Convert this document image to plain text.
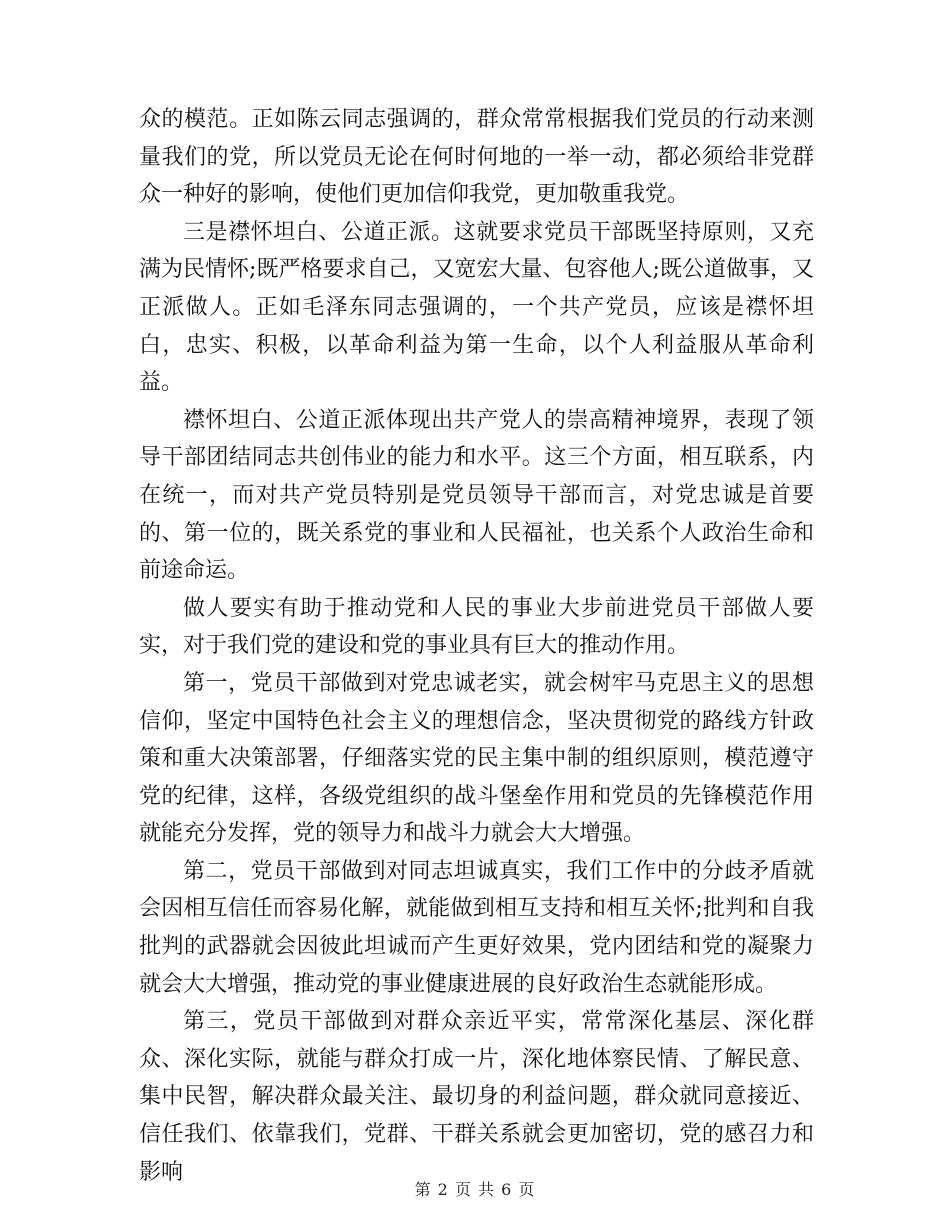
众的模范。正如陈云同志强调的，群众常常根据我们党员的行动来测量我们的党，所以党员无论在何时何地的一举一动，都必须给非党群众一种好的影响，使他们更加信仰我党，更加敬重我党。

三是襟怀坦白、公道正派。这就要求党员干部既坚持原则，又充满为民情怀;既严格要求自己，又宽宏大量、包容他人;既公道做事，又正派做人。正如毛泽东同志强调的，一个共产党员，应该是襟怀坦白，忠实、积极，以革命利益为第一生命，以个人利益服从革命利益。

襟怀坦白、公道正派体现出共产党人的崇高精神境界，表现了领导干部团结同志共创伟业的能力和水平。这三个方面，相互联系，内在统一，而对共产党员特别是党员领导干部而言，对党忠诚是首要的、第一位的，既关系党的事业和人民福祉，也关系个人政治生命和前途命运。

做人要实有助于推动党和人民的事业大步前进党员干部做人要实，对于我们党的建设和党的事业具有巨大的推动作用。

第一，党员干部做到对党忠诚老实，就会树牢马克思主义的思想信仰，坚定中国特色社会主义的理想信念，坚决贯彻党的路线方针政策和重大决策部署，仔细落实党的民主集中制的组织原则，模范遵守党的纪律，这样，各级党组织的战斗堡垒作用和党员的先锋模范作用就能充分发挥，党的领导力和战斗力就会大大增强。

第二，党员干部做到对同志坦诚真实，我们工作中的分歧矛盾就会因相互信任而容易化解，就能做到相互支持和相互关怀;批判和自我批判的武器就会因彼此坦诚而产生更好效果，党内团结和党的凝聚力就会大大增强，推动党的事业健康进展的良好政治生态就能形成。

第三，党员干部做到对群众亲近平实，常常深化基层、深化群众、深化实际，就能与群众打成一片，深化地体察民情、了解民意、集中民智，解决群众最关注、最切身的利益问题，群众就同意接近、信任我们、依靠我们，党群、干群关系就会更加密切，党的感召力和影响

第 2 页 共 6 页
